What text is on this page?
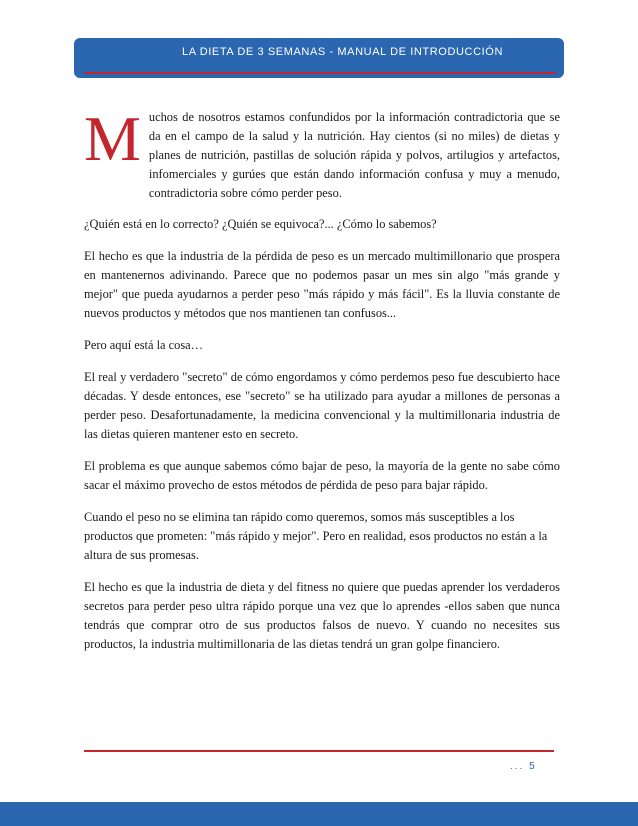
LA DIETA DE 3 SEMANAS - MANUAL DE INTRODUCCIÓN
M uchos de nosotros estamos confundidos por la información contradictoria que se da en el campo de la salud y la nutrición. Hay cientos (si no miles) de dietas y planes de nutrición, pastillas de solución rápida y polvos, artilugios y artefactos, infomerciales y gurúes que están dando información confusa y muy a menudo, contradictoria sobre cómo perder peso.

¿Quién está en lo correcto? ¿Quién se equivoca?... ¿Cómo lo sabemos?

El hecho es que la industria de la pérdida de peso es un mercado multimillonario que prospera en mantenernos adivinando. Parece que no podemos pasar un mes sin algo "más grande y mejor" que pueda ayudarnos a perder peso "más rápido y más fácil". Es la lluvia constante de nuevos productos y métodos que nos mantienen tan confusos...

Pero aquí está la cosa…

El real y verdadero "secreto" de cómo engordamos y cómo perdemos peso fue descubierto hace décadas. Y desde entonces, ese "secreto" se ha utilizado para ayudar a millones de personas a perder peso. Desafortunadamente, la medicina convencional y la multimillonaria industria de las dietas quieren mantener esto en secreto.

El problema es que aunque sabemos cómo bajar de peso, la mayoría de la gente no sabe cómo sacar el máximo provecho de estos métodos de pérdida de peso para bajar rápido.

Cuando el peso no se elimina tan rápido como queremos, somos más susceptibles a los productos que prometen: "más rápido y mejor". Pero en realidad, esos productos no están a la altura de sus promesas.

El hecho es que la industria de dieta y del fitness no quiere que puedas aprender los verdaderos secretos para perder peso ultra rápido porque una vez que lo aprendes -ellos saben que nunca tendrás que comprar otro de sus productos falsos de nuevo. Y cuando no necesites sus productos, la industria multimillonaria de las dietas tendrá un gran golpe financiero.

... 5
